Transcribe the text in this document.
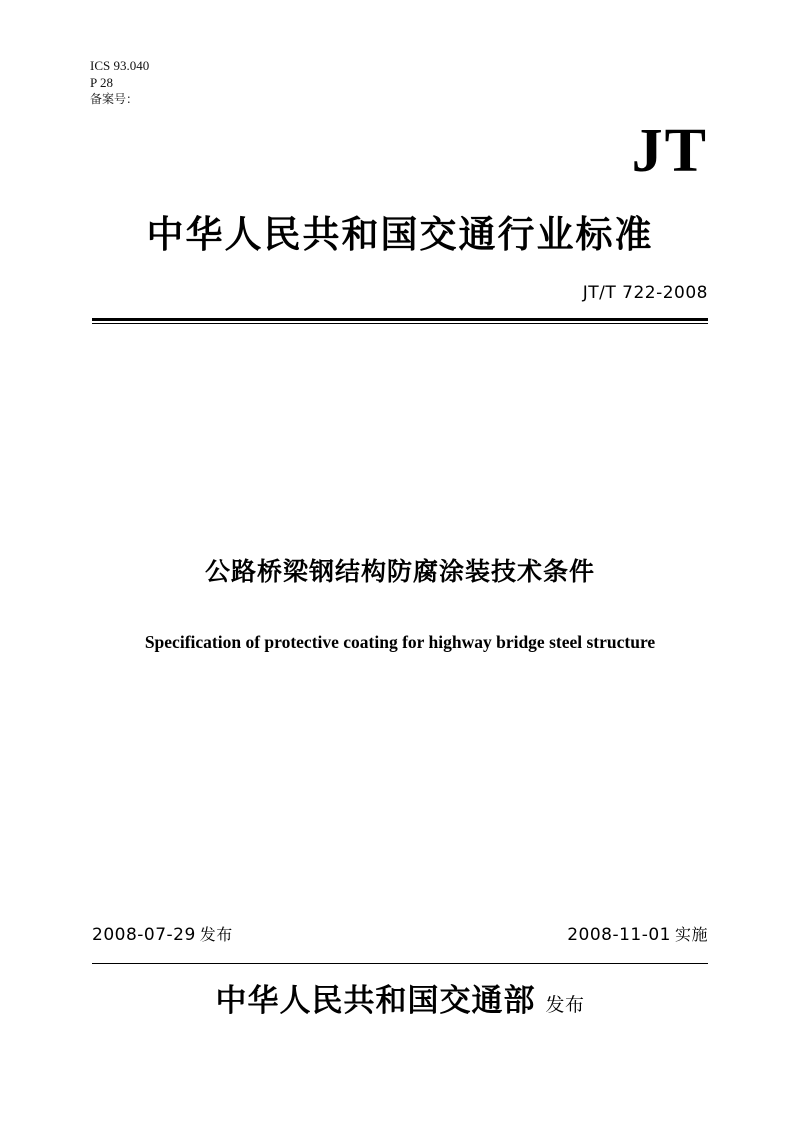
ICS 93.040
P 28
备案号：
JT
中华人民共和国交通行业标准
JT/T 722-2008
公路桥梁钢结构防腐涂装技术条件
Specification of protective coating for highway bridge steel structure
2008-07-29 发布	2008-11-01 实施
中华人民共和国交通部 发布
